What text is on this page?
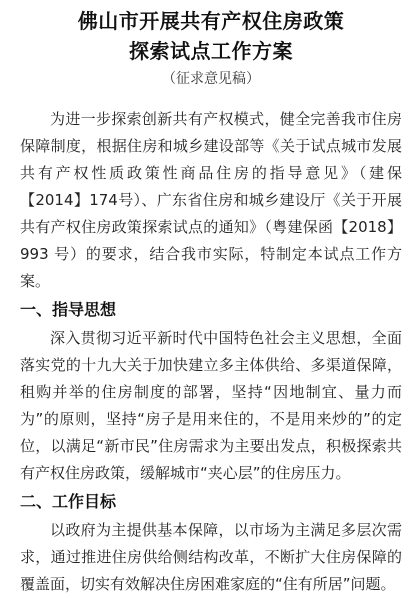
佛山市开展共有产权住房政策
探索试点工作方案
（征求意见稿）

为进一步探索创新共有产权模式，健全完善我市住房保障制度，根据住房和城乡建设部等《关于试点城市发展共有产权性质政策性商品住房的指导意见》（建保【2014】174号）、广东省住房和城乡建设厅《关于开展共有产权住房政策探索试点的通知》（粤建保函【2018】993 号）的要求，结合我市实际，特制定本试点工作方案。

一、指导思想

深入贯彻习近平新时代中国特色社会主义思想，全面落实党的十九大关于加快建立多主体供给、多渠道保障，租购并举的住房制度的部署，坚持“因地制宜、量力而为”的原则，坚持“房子是用来住的，不是用来炒的”的定位，以满足“新市民”住房需求为主要出发点，积极探索共有产权住房政策，缓解城市“夹心层”的住房压力。

二、工作目标

以政府为主提供基本保障，以市场为主满足多层次需求，通过推进住房供给侧结构改革，不断扩大住房保障的覆盖面，切实有效解决住房困难家庭的“住有所居”问题。
